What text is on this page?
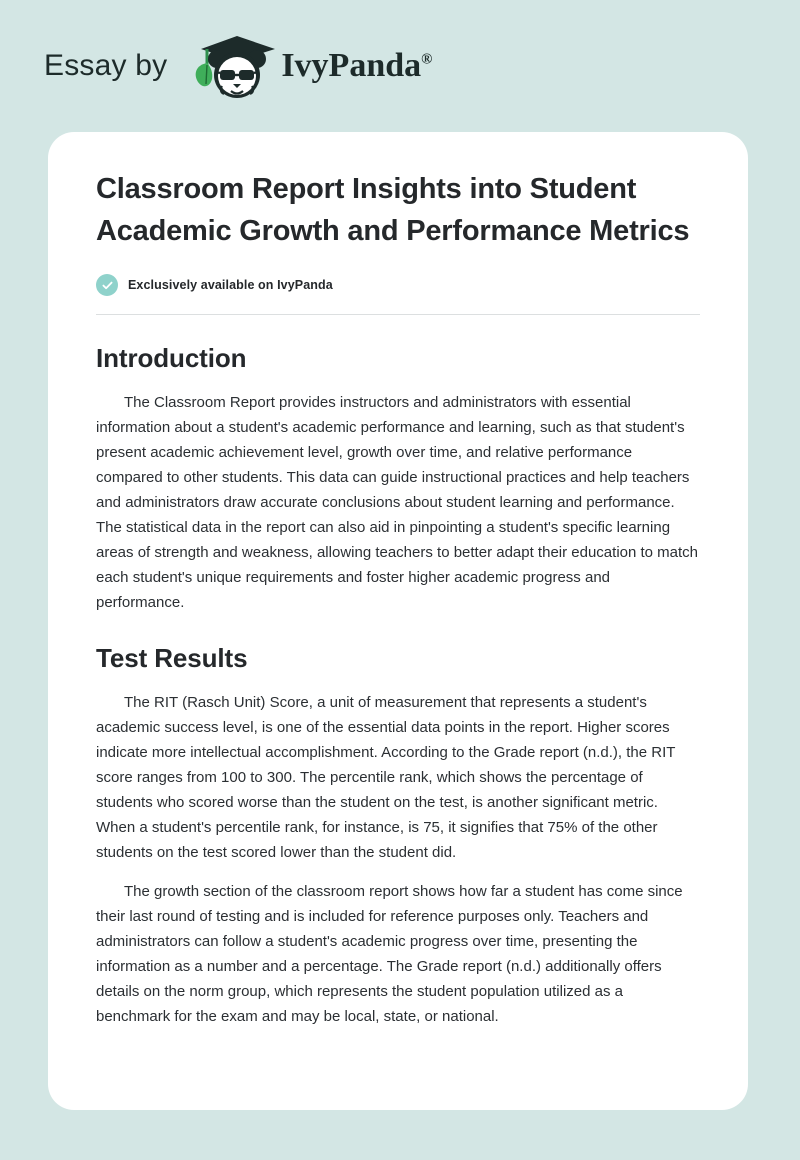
Essay by	IvyPanda®
Classroom Report Insights into Student Academic Growth and Performance Metrics
Exclusively available on IvyPanda
Introduction

The Classroom Report provides instructors and administrators with essential information about a student's academic performance and learning, such as that student's present academic achievement level, growth over time, and relative performance compared to other students. This data can guide instructional practices and help teachers and administrators draw accurate conclusions about student learning and performance. The statistical data in the report can also aid in pinpointing a student's specific learning areas of strength and weakness, allowing teachers to better adapt their education to match each student's unique requirements and foster higher academic progress and performance.

Test Results

The RIT (Rasch Unit) Score, a unit of measurement that represents a student's academic success level, is one of the essential data points in the report. Higher scores indicate more intellectual accomplishment. According to the Grade report (n.d.), the RIT score ranges from 100 to 300. The percentile rank, which shows the percentage of students who scored worse than the student on the test, is another significant metric. When a student's percentile rank, for instance, is 75, it signifies that 75% of the other students on the test scored lower than the student did.

The growth section of the classroom report shows how far a student has come since their last round of testing and is included for reference purposes only. Teachers and administrators can follow a student's academic progress over time, presenting the information as a number and a percentage. The Grade report (n.d.) additionally offers details on the norm group, which represents the student population utilized as a benchmark for the exam and may be local, state, or national.
